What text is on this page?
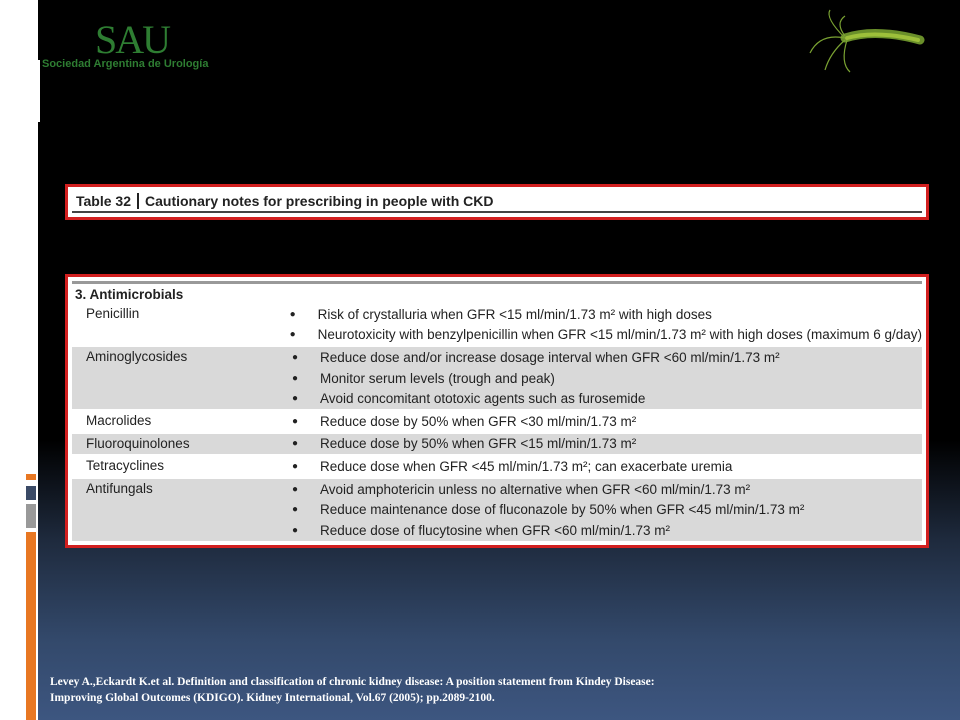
SAU
Sociedad Argentina de Urología
Table 32	Cautionary notes for prescribing in people with CKD
3. Antimicrobials
Penicillin	●	Risk of crystalluria when GFR <15 ml/min/1.73 m² with high doses
●	Neurotoxicity with benzylpenicillin when GFR <15 ml/min/1.73 m² with high doses (maximum 6 g/day)
Aminoglycosides	●	Reduce dose and/or increase dosage interval when GFR <60 ml/min/1.73 m²
●	Monitor serum levels (trough and peak)
●	Avoid concomitant ototoxic agents such as furosemide
Macrolides	●	Reduce dose by 50% when GFR <30 ml/min/1.73 m²
Fluoroquinolones	●	Reduce dose by 50% when GFR <15 ml/min/1.73 m²
Tetracyclines	●	Reduce dose when GFR <45 ml/min/1.73 m²; can exacerbate uremia
Antifungals	●	Avoid amphotericin unless no alternative when GFR <60 ml/min/1.73 m²
●	Reduce maintenance dose of fluconazole by 50% when GFR <45 ml/min/1.73 m²
●	Reduce dose of flucytosine when GFR <60 ml/min/1.73 m²
Levey A.,Eckardt K.et al. Definition and classification of chronic kidney disease: A position statement from Kindey Disease:
Improving Global Outcomes (KDIGO). Kidney International, Vol.67 (2005); pp.2089-2100.
